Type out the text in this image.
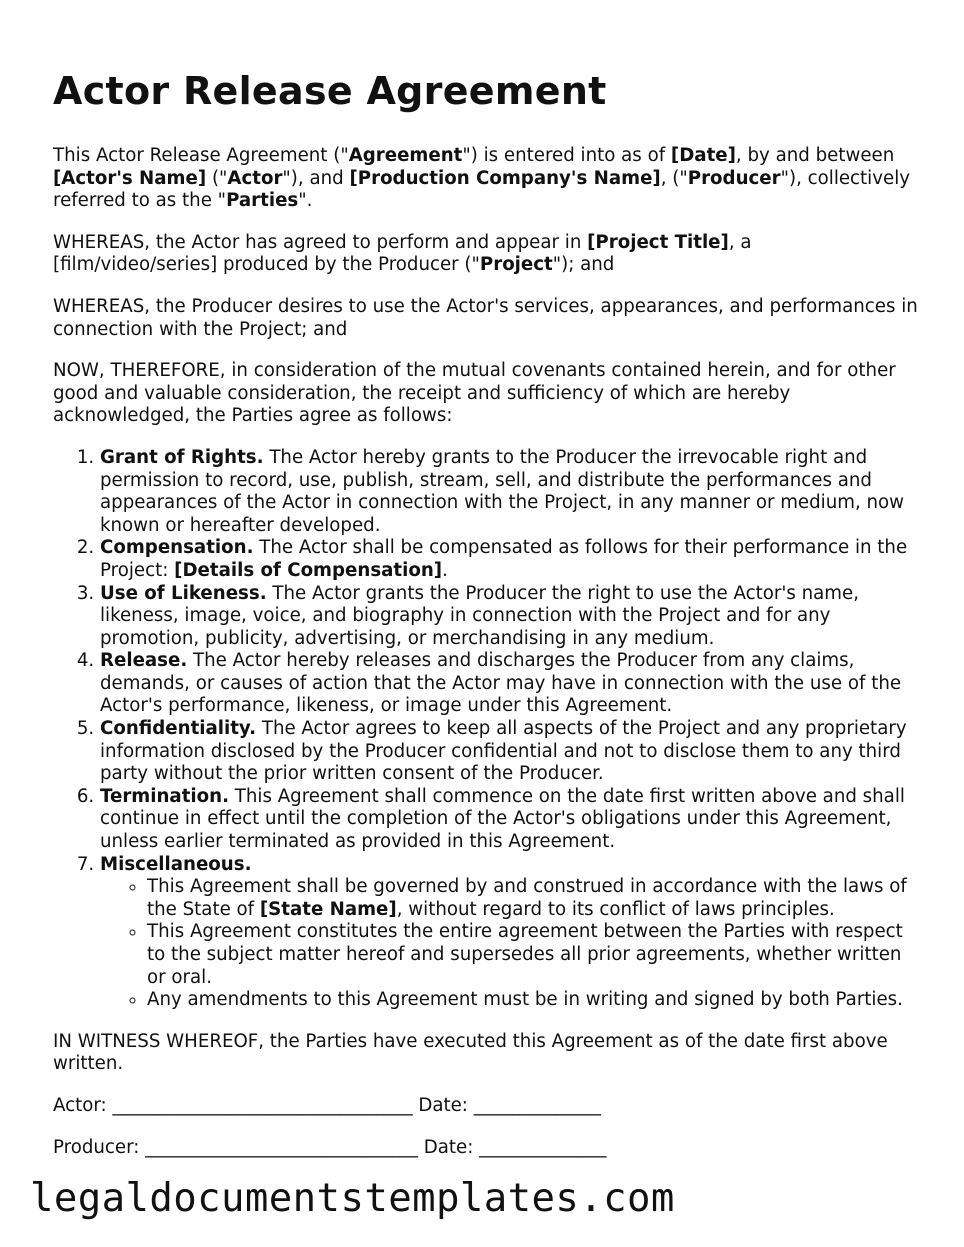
Actor Release Agreement

This Actor Release Agreement ("Agreement") is entered into as of [Date], by and between [Actor's Name] ("Actor"), and [Production Company's Name], ("Producer"), collectively referred to as the "Parties".

WHEREAS, the Actor has agreed to perform and appear in [Project Title], a [film/video/series] produced by the Producer ("Project"); and

WHEREAS, the Producer desires to use the Actor's services, appearances, and performances in connection with the Project; and

NOW, THEREFORE, in consideration of the mutual covenants contained herein, and for other good and valuable consideration, the receipt and sufficiency of which are hereby acknowledged, the Parties agree as follows:

1. Grant of Rights. The Actor hereby grants to the Producer the irrevocable right and permission to record, use, publish, stream, sell, and distribute the performances and appearances of the Actor in connection with the Project, in any manner or medium, now known or hereafter developed.
2. Compensation. The Actor shall be compensated as follows for their performance in the Project: [Details of Compensation].
3. Use of Likeness. The Actor grants the Producer the right to use the Actor's name, likeness, image, voice, and biography in connection with the Project and for any promotion, publicity, advertising, or merchandising in any medium.
4. Release. The Actor hereby releases and discharges the Producer from any claims, demands, or causes of action that the Actor may have in connection with the use of the Actor's performance, likeness, or image under this Agreement.
5. Confidentiality. The Actor agrees to keep all aspects of the Project and any proprietary information disclosed by the Producer confidential and not to disclose them to any third party without the prior written consent of the Producer.
6. Termination. This Agreement shall commence on the date first written above and shall continue in effect until the completion of the Actor's obligations under this Agreement, unless earlier terminated as provided in this Agreement.
7. Miscellaneous.
◦ This Agreement shall be governed by and construed in accordance with the laws of the State of [State Name], without regard to its conflict of laws principles.
◦ This Agreement constitutes the entire agreement between the Parties with respect to the subject matter hereof and supersedes all prior agreements, whether written or oral.
◦ Any amendments to this Agreement must be in writing and signed by both Parties.

IN WITNESS WHEREOF, the Parties have executed this Agreement as of the date first above written.

Actor: _________________________________ Date: ______________

Producer: ______________________________ Date: ______________

legaldocumentstemplates.com
